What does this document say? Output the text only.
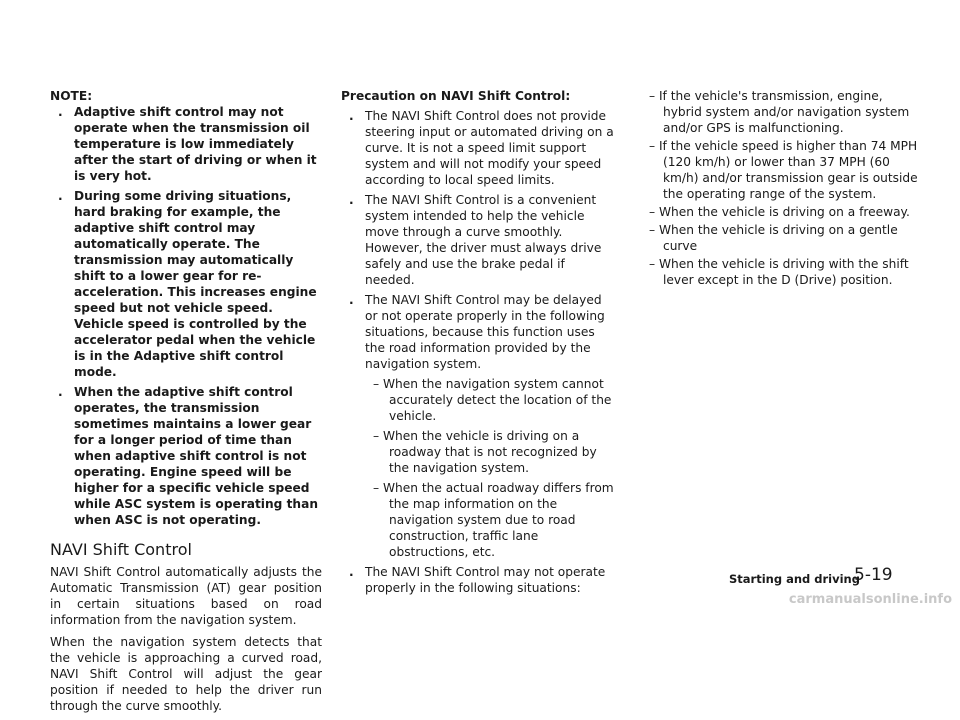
NOTE:
. Adaptive shift control may not operate when the transmission oil temperature is low immediately after the start of driving or when it is very hot.
. During some driving situations, hard braking for example, the adaptive shift control may automatically operate. The transmission may automatically shift to a lower gear for re-acceleration. This increases engine speed but not vehicle speed. Vehicle speed is controlled by the accelerator pedal when the vehicle is in the Adaptive shift control mode.
. When the adaptive shift control operates, the transmission sometimes maintains a lower gear for a longer period of time than when adaptive shift control is not operating. Engine speed will be higher for a specific vehicle speed while ASC system is operating than when ASC is not operating.
NAVI Shift Control

NAVI Shift Control automatically adjusts the Automatic Transmission (AT) gear position in certain situations based on road information from the navigation system.

When the navigation system detects that the vehicle is approaching a curved road, NAVI Shift Control will adjust the gear position if needed to help the driver run through the curve smoothly.

Precaution on NAVI Shift Control:
. The NAVI Shift Control does not provide steering input or automated driving on a curve. It is not a speed limit support system and will not modify your speed according to local speed limits.
. The NAVI Shift Control is a convenient system intended to help the vehicle move through a curve smoothly. However, the driver must always drive safely and use the brake pedal if needed.
. The NAVI Shift Control may be delayed or not operate properly in the following situations, because this function uses the road information provided by the navigation system.
– When the navigation system cannot accurately detect the location of the vehicle.
– When the vehicle is driving on a roadway that is not recognized by the navigation system.
– When the actual roadway differs from the map information on the navigation system due to road construction, traffic lane obstructions, etc.
. The NAVI Shift Control may not operate properly in the following situations:
– If the vehicle's transmission, engine, hybrid system and/or navigation system and/or GPS is malfunctioning.
– If the vehicle speed is higher than 74 MPH (120 km/h) or lower than 37 MPH (60 km/h) and/or transmission gear is outside the operating range of the system.
– When the vehicle is driving on a freeway.
– When the vehicle is driving on a gentle curve
– When the vehicle is driving with the shift lever except in the D (Drive) position.
Starting and driving
5-19
carmanualsonline.info
